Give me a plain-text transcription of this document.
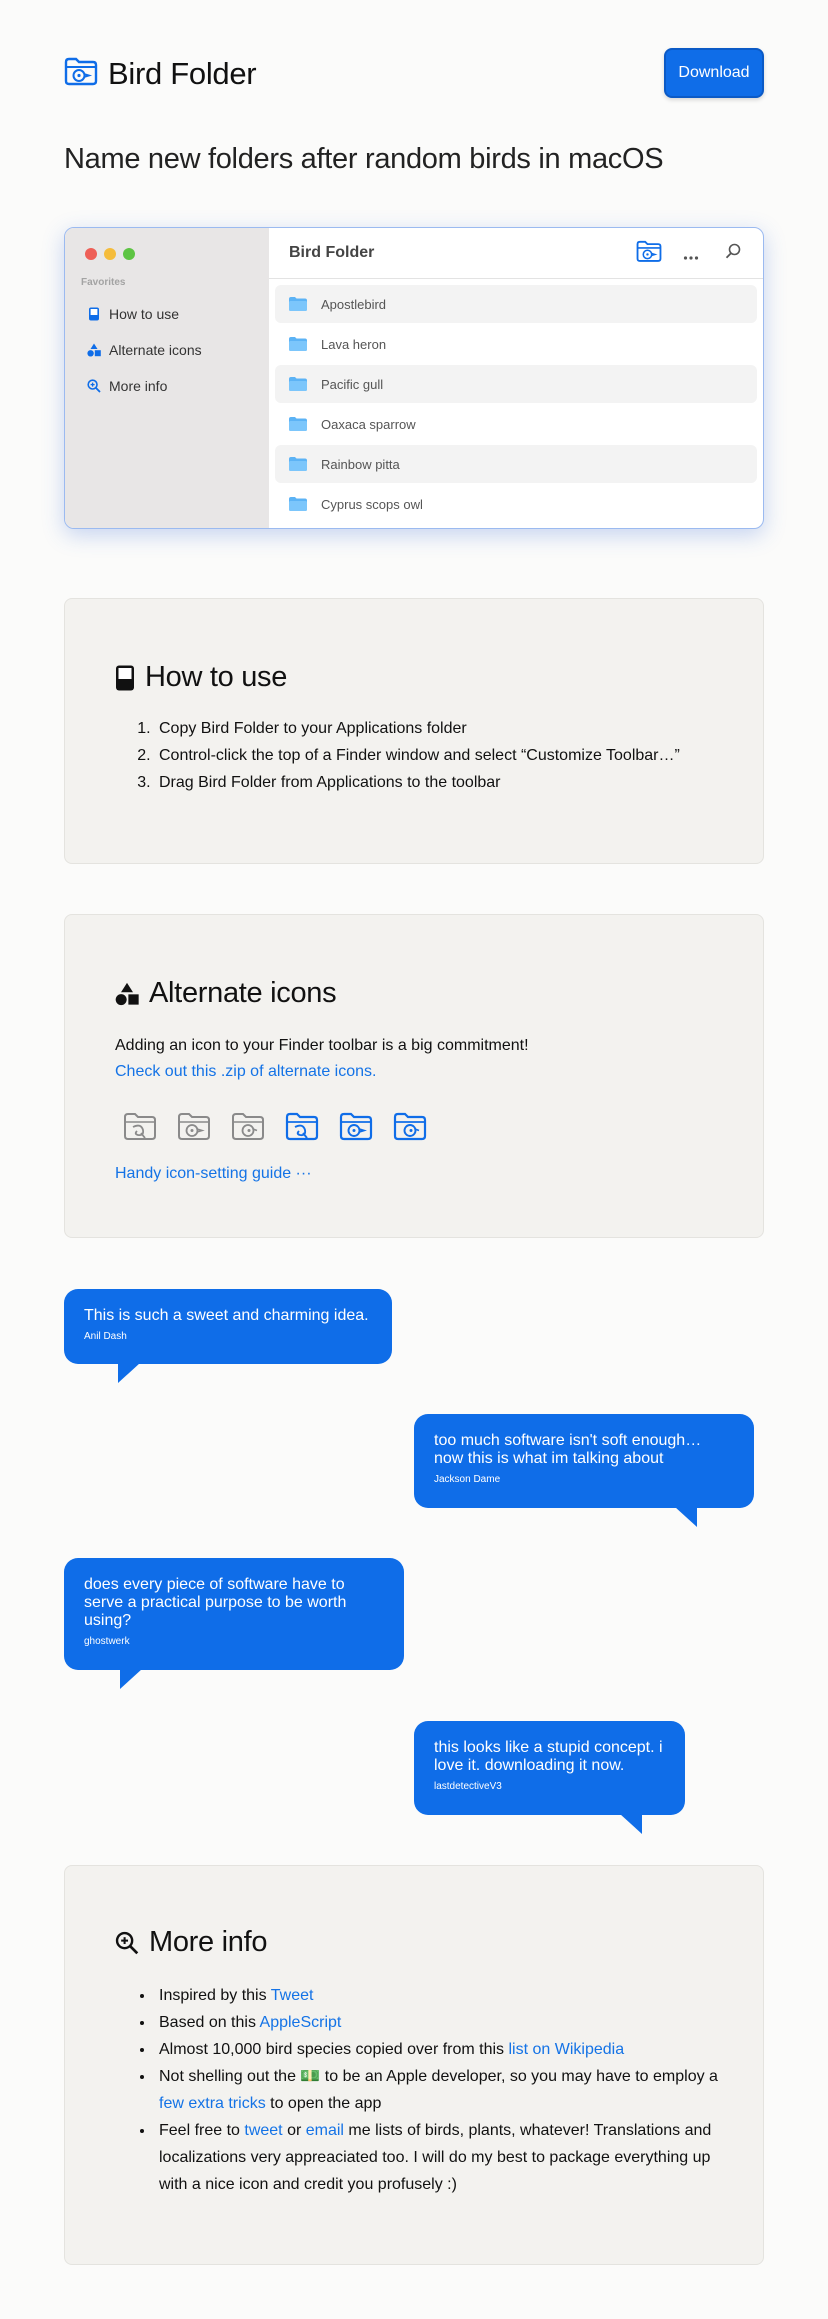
Bird Folder	Download
Name new folders after random birds in macOS
Favorites
How to use
Alternate icons
More info
Bird Folder
Apostlebird
Lava heron
Pacific gull
Oaxaca sparrow
Rainbow pitta
Cyprus scops owl
How to use
1. Copy Bird Folder to your Applications folder
2. Control-click the top of a Finder window and select “Customize Toolbar…”
3. Drag Bird Folder from Applications to the toolbar
Alternate icons

Adding an icon to your Finder toolbar is a big commitment!

Check out this .zip of alternate icons.
Handy icon-setting guide ···
This is such a sweet and charming idea.
Anil Dash
too much software isn't soft enough… now this is what im talking about
Jackson Dame
does every piece of software have to serve a practical purpose to be worth using?
ghostwerk
this looks like a stupid concept. i love it. downloading it now.
lastdetectiveV3
More info
• Inspired by this Tweet
• Based on this AppleScript
• Almost 10,000 bird species copied over from this list on Wikipedia
• Not shelling out the 💵 to be an Apple developer, so you may have to employ a few extra tricks to open the app
• Feel free to tweet or email me lists of birds, plants, whatever! Translations and localizations very appreaciated too. I will do my best to package everything up with a nice icon and credit you profusely :)
